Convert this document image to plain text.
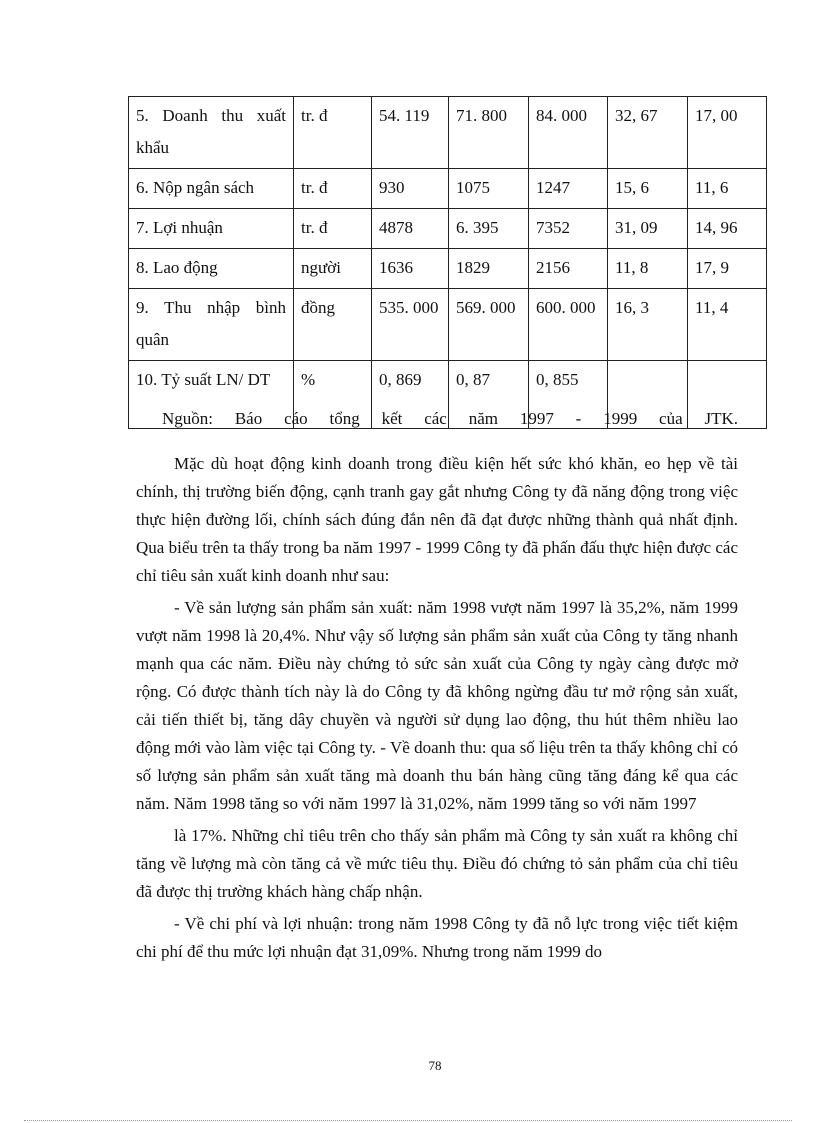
5. Doanh thu xuất khẩu	tr. đ	54. 119	71. 800	84. 000	32, 67	17, 00
6. Nộp ngân sách	tr. đ	930	1075	1247	15, 6	11, 6
7. Lợi nhuận	tr. đ	4878	6. 395	7352	31, 09	14, 96
8. Lao động	người	1636	1829	2156	11, 8	17, 9
9. Thu nhập bình quân	đồng	535. 000	569. 000	600. 000	16, 3	11, 4
10. Tỷ suất LN/ DT	%	0, 869	0, 87	0, 855		
Nguồn: Báo cáo tổng kết các năm 1997 - 1999 của JTK.

Mặc dù hoạt động kinh doanh trong điều kiện hết sức khó khăn, eo hẹp về tài chính, thị trường biến động, cạnh tranh gay gắt nhưng Công ty đã năng động trong việc thực hiện đường lối, chính sách đúng đắn nên đã đạt được những thành quả nhất định. Qua biểu trên ta thấy trong ba năm 1997 - 1999 Công ty đã phấn đấu thực hiện được các chỉ tiêu sản xuất kinh doanh như sau:

- Về sản lượng sản phẩm sản xuất: năm 1998 vượt năm 1997 là 35,2%, năm 1999 vượt năm 1998 là 20,4%. Như vậy số lượng sản phẩm sản xuất của Công ty tăng nhanh mạnh qua các năm. Điều này chứng tỏ sức sản xuất của Công ty ngày càng được mở rộng. Có được thành tích này là do Công ty đã không ngừng đầu tư mở rộng sản xuất, cải tiến thiết bị, tăng dây chuyền và người sử dụng lao động, thu hút thêm nhiều lao động mới vào làm việc tại Công ty. - Về doanh thu: qua số liệu trên ta thấy không chỉ có số lượng sản phẩm sản xuất tăng mà doanh thu bán hàng cũng tăng đáng kể qua các năm. Năm 1998 tăng so với năm 1997 là 31,02%, năm 1999 tăng so với năm 1997

là 17%. Những chỉ tiêu trên cho thấy sản phẩm mà Công ty sản xuất ra không chỉ tăng về lượng mà còn tăng cả về mức tiêu thụ. Điều đó chứng tỏ sản phẩm của chỉ tiêu đã được thị trường khách hàng chấp nhận.

- Về chi phí và lợi nhuận: trong năm 1998 Công ty đã nỗ lực trong việc tiết kiệm chi phí để thu mức lợi nhuận đạt 31,09%. Nhưng trong năm 1999 do

78
